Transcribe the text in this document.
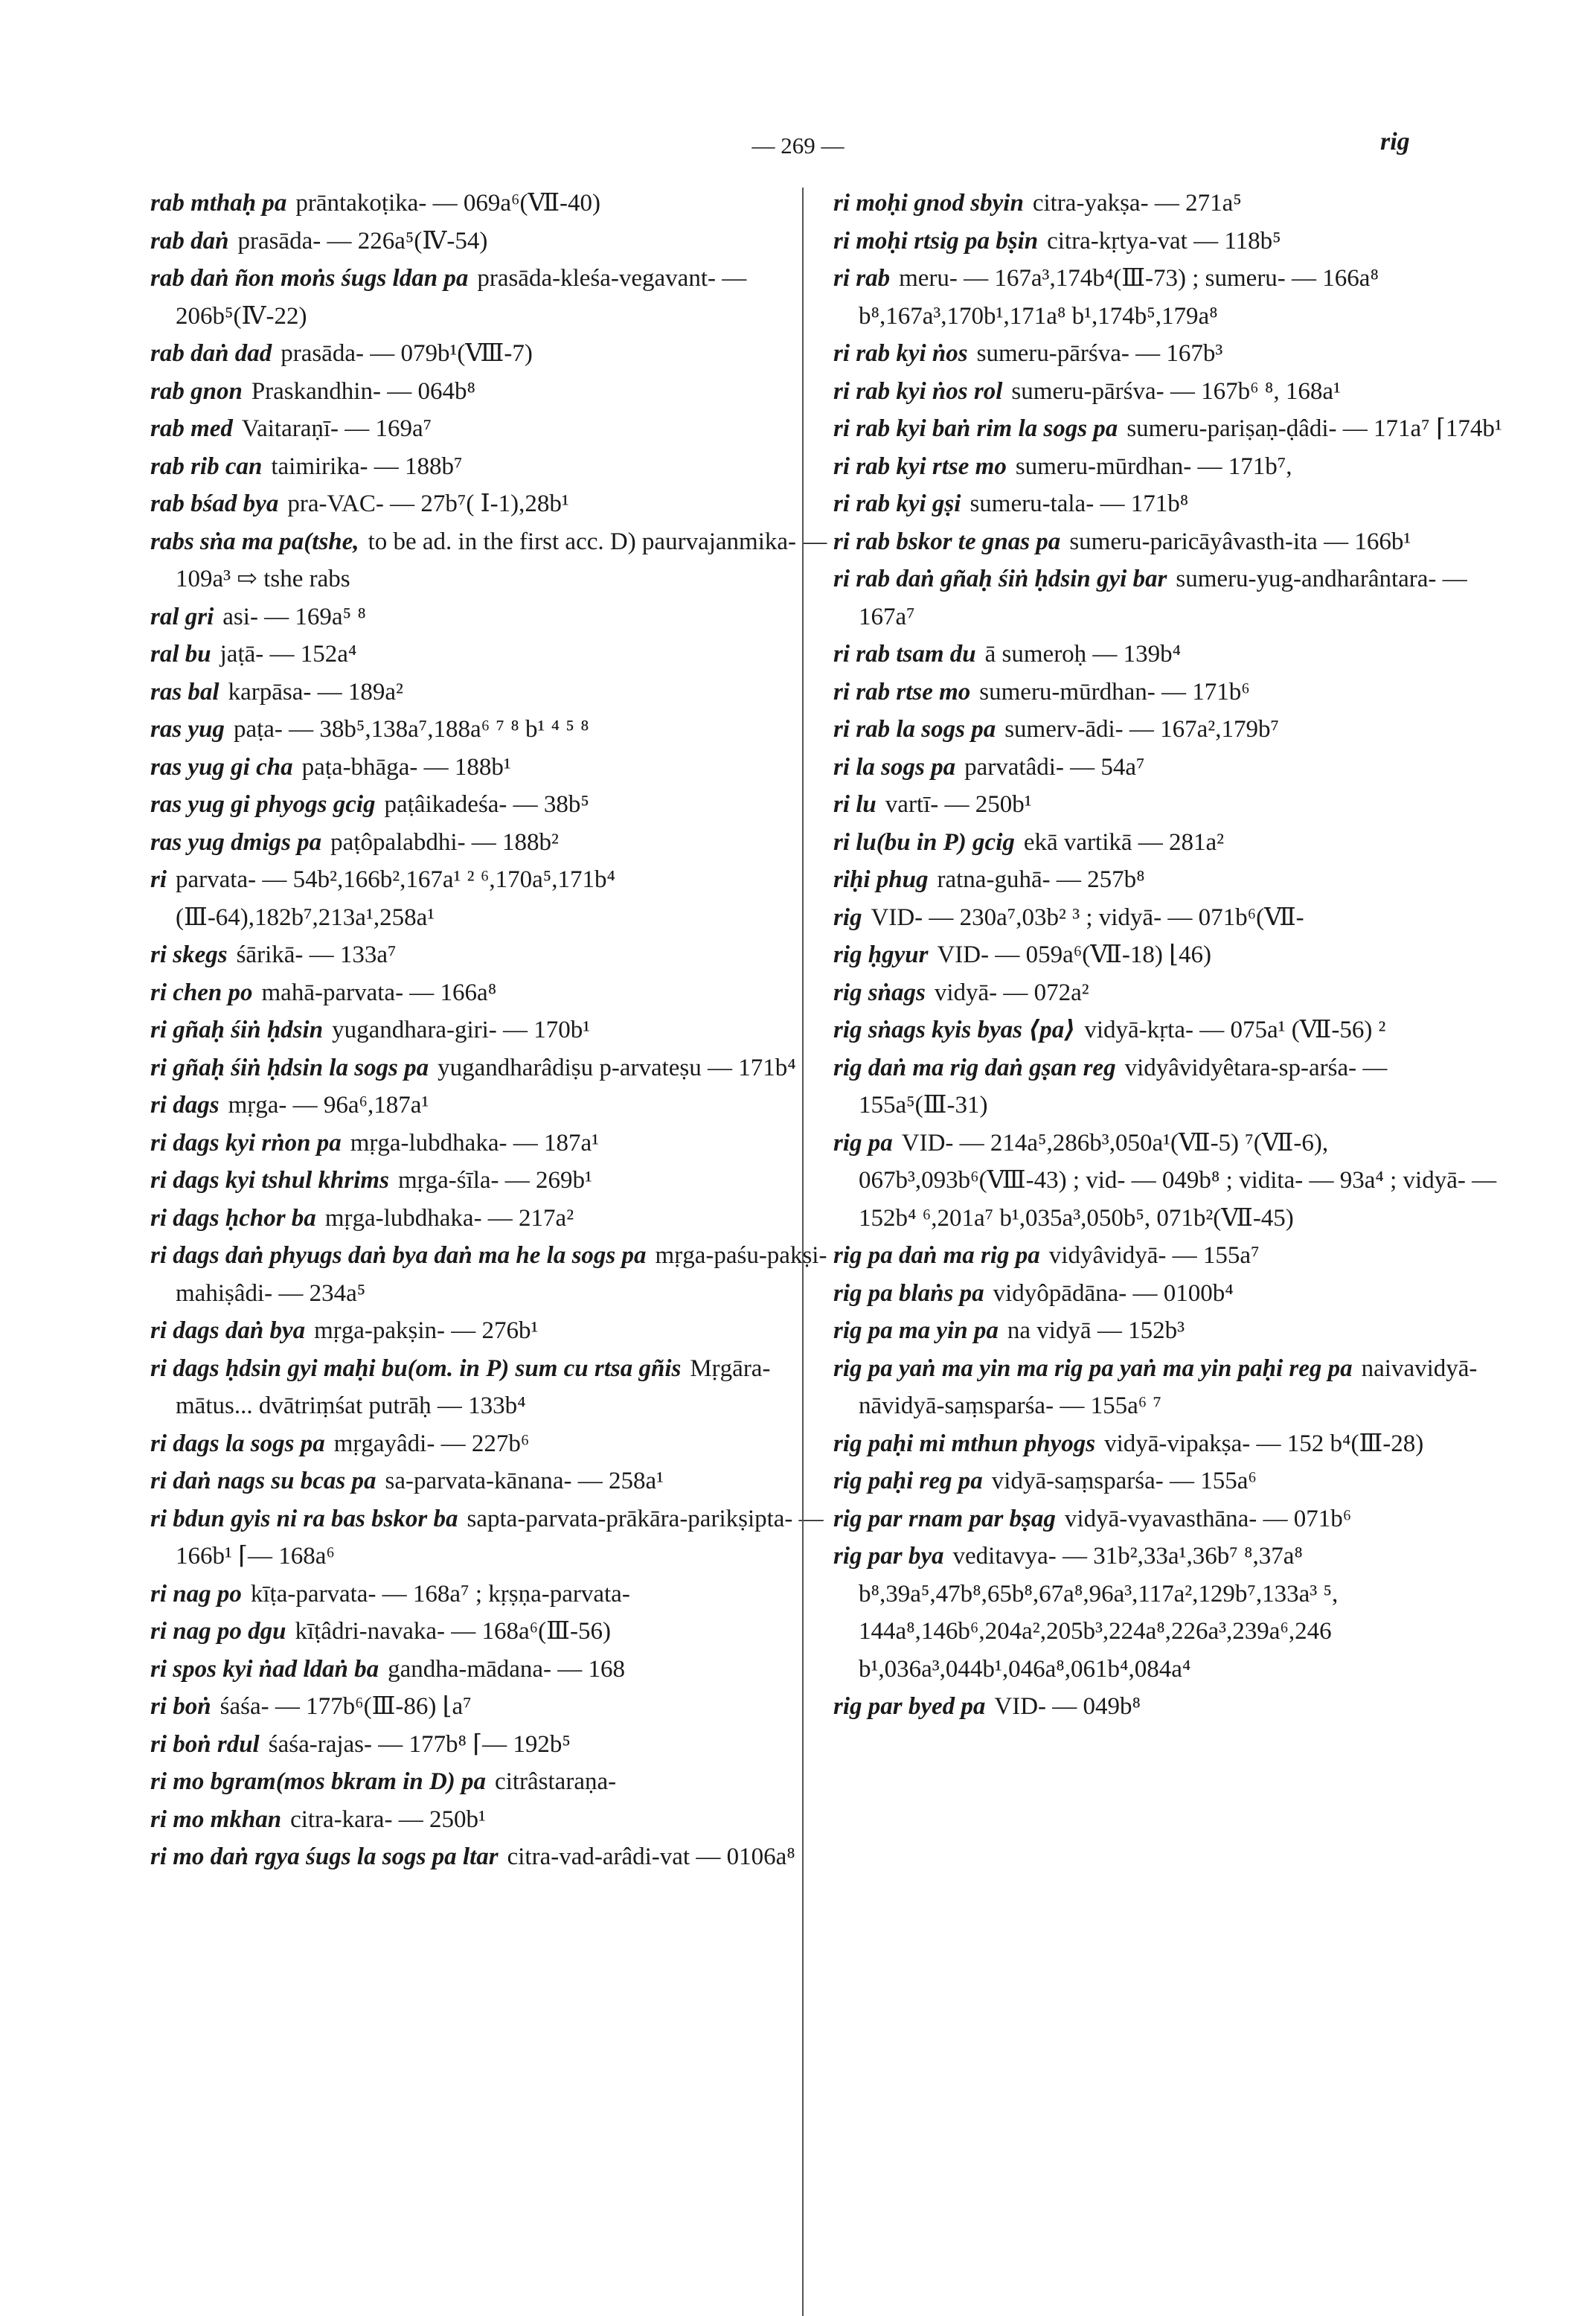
— 269 —	rig

rab mthaḥ pa prāntakoṭika- — 069a⁶(Ⅶ-40)

rab daṅ prasāda- — 226a⁵(Ⅳ-54)

rab daṅ ñon moṅs śugs ldan pa prasāda-kleśa-vegavant- — 206b⁵(Ⅳ-22)

rab daṅ dad prasāda- — 079b¹(Ⅷ-7)

rab gnon Praskandhin- — 064b⁸

rab med Vaitaraṇī- — 169a⁷

rab rib can taimirika- — 188b⁷

rab bśad bya pra-VAC- — 27b⁷( Ⅰ-1),28b¹

rabs sṅa ma pa(tshe, to be ad. in the first acc. D) paurvajanmika- — 109a³ ⇨ tshe rabs

ral gri asi- — 169a⁵ ⁸

ral bu jaṭā- — 152a⁴

ras bal karpāsa- — 189a²

ras yug paṭa- — 38b⁵,138a⁷,188a⁶ ⁷ ⁸ b¹ ⁴ ⁵ ⁸

ras yug gi cha paṭa-bhāga- — 188b¹

ras yug gi phyogs gcig paṭâikadeśa- — 38b⁵

ras yug dmigs pa paṭôpalabdhi- — 188b²

ri parvata- — 54b²,166b²,167a¹ ² ⁶,170a⁵,171b⁴ (Ⅲ-64),182b⁷,213a¹,258a¹

ri skegs śārikā- — 133a⁷

ri chen po mahā-parvata- — 166a⁸

ri gñaḥ śiṅ ḥdsin yugandhara-giri- — 170b¹

ri gñaḥ śiṅ ḥdsin la sogs pa yugandharâdiṣu p-arvateṣu — 171b⁴

ri dags mṛga- — 96a⁶,187a¹

ri dags kyi rṅon pa mṛga-lubdhaka- — 187a¹

ri dags kyi tshul khrims mṛga-śīla- — 269b¹

ri dags ḥchor ba mṛga-lubdhaka- — 217a²

ri dags daṅ phyugs daṅ bya daṅ ma he la sogs pa mṛga-paśu-pakṣi-mahiṣâdi- — 234a⁵

ri dags daṅ bya mṛga-pakṣin- — 276b¹

ri dags ḥdsin gyi maḥi bu(om. in P) sum cu rtsa gñis Mṛgāra-mātus... dvātriṃśat putrāḥ — 133b⁴

ri dags la sogs pa mṛgayâdi- — 227b⁶

ri daṅ nags su bcas pa sa-parvata-kānana- — 258a¹

ri bdun gyis ni ra bas bskor ba sapta-parvata-prākāra-parikṣipta- — 166b¹ ⌈— 168a⁶

ri nag po kīṭa-parvata- — 168a⁷ ; kṛṣṇa-parvata-

ri nag po dgu kīṭâdri-navaka- — 168a⁶(Ⅲ-56)

ri spos kyi ṅad ldaṅ ba gandha-mādana- — 168

ri boṅ śaśa- — 177b⁶(Ⅲ-86) ⌊a⁷

ri boṅ rdul śaśa-rajas- — 177b⁸ ⌈— 192b⁵

ri mo bgram(mos bkram in D) pa citrâstaraṇa-

ri mo mkhan citra-kara- — 250b¹

ri mo daṅ rgya śugs la sogs pa ltar citra-vad-arâdi-vat — 0106a⁸

ri moḥi gnod sbyin citra-yakṣa- — 271a⁵

ri moḥi rtsig pa bṣin citra-kṛtya-vat — 118b⁵

ri rab meru- — 167a³,174b⁴(Ⅲ-73) ; sumeru- — 166a⁸ b⁸,167a³,170b¹,171a⁸ b¹,174b⁵,179a⁸

ri rab kyi ṅos sumeru-pārśva- — 167b³

ri rab kyi ṅos rol sumeru-pārśva- — 167b⁶ ⁸, 168a¹

ri rab kyi baṅ rim la sogs pa sumeru-pariṣaṇ-ḍâdi- — 171a⁷ ⌈174b¹

ri rab kyi rtse mo sumeru-mūrdhan- — 171b⁷,

ri rab kyi gṣi sumeru-tala- — 171b⁸

ri rab bskor te gnas pa sumeru-paricāyâvasth-ita — 166b¹

ri rab daṅ gñaḥ śiṅ ḥdsin gyi bar sumeru-yug-andharântara- — 167a⁷

ri rab tsam du ā sumeroḥ — 139b⁴

ri rab rtse mo sumeru-mūrdhan- — 171b⁶

ri rab la sogs pa sumerv-ādi- — 167a²,179b⁷

ri la sogs pa parvatâdi- — 54a⁷

ri lu vartī- — 250b¹

ri lu(bu in P) gcig ekā vartikā — 281a²

riḥi phug ratna-guhā- — 257b⁸

rig VID- — 230a⁷,03b² ³ ; vidyā- — 071b⁶(Ⅶ-

rig ḥgyur VID- — 059a⁶(Ⅶ-18) ⌊46)

rig sṅags vidyā- — 072a²

rig sṅags kyis byas ⟨pa⟩ vidyā-kṛta- — 075a¹ (Ⅶ-56) ²

rig daṅ ma rig daṅ gṣan reg vidyâvidyêtara-sp-arśa- — 155a⁵(Ⅲ-31)

rig pa VID- — 214a⁵,286b³,050a¹(Ⅶ-5) ⁷(Ⅶ-6), 067b³,093b⁶(Ⅷ-43) ; vid- — 049b⁸ ; vidita- — 93a⁴ ; vidyā- — 152b⁴ ⁶,201a⁷ b¹,035a³,050b⁵, 071b²(Ⅶ-45)

rig pa daṅ ma rig pa vidyâvidyā- — 155a⁷

rig pa blaṅs pa vidyôpādāna- — 0100b⁴

rig pa ma yin pa na vidyā — 152b³

rig pa yaṅ ma yin ma rig pa yaṅ ma yin paḥi reg pa naivavidyā-nāvidyā-saṃsparśa- — 155a⁶ ⁷

rig paḥi mi mthun phyogs vidyā-vipakṣa- — 152 b⁴(Ⅲ-28)

rig paḥi reg pa vidyā-saṃsparśa- — 155a⁶

rig par rnam par bṣag vidyā-vyavasthāna- — 071b⁶

rig par bya veditavya- — 31b²,33a¹,36b⁷ ⁸,37a⁸ b⁸,39a⁵,47b⁸,65b⁸,67a⁸,96a³,117a²,129b⁷,133a³ ⁵, 144a⁸,146b⁶,204a²,205b³,224a⁸,226a³,239a⁶,246 b¹,036a³,044b¹,046a⁸,061b⁴,084a⁴

rig par byed pa VID- — 049b⁸
